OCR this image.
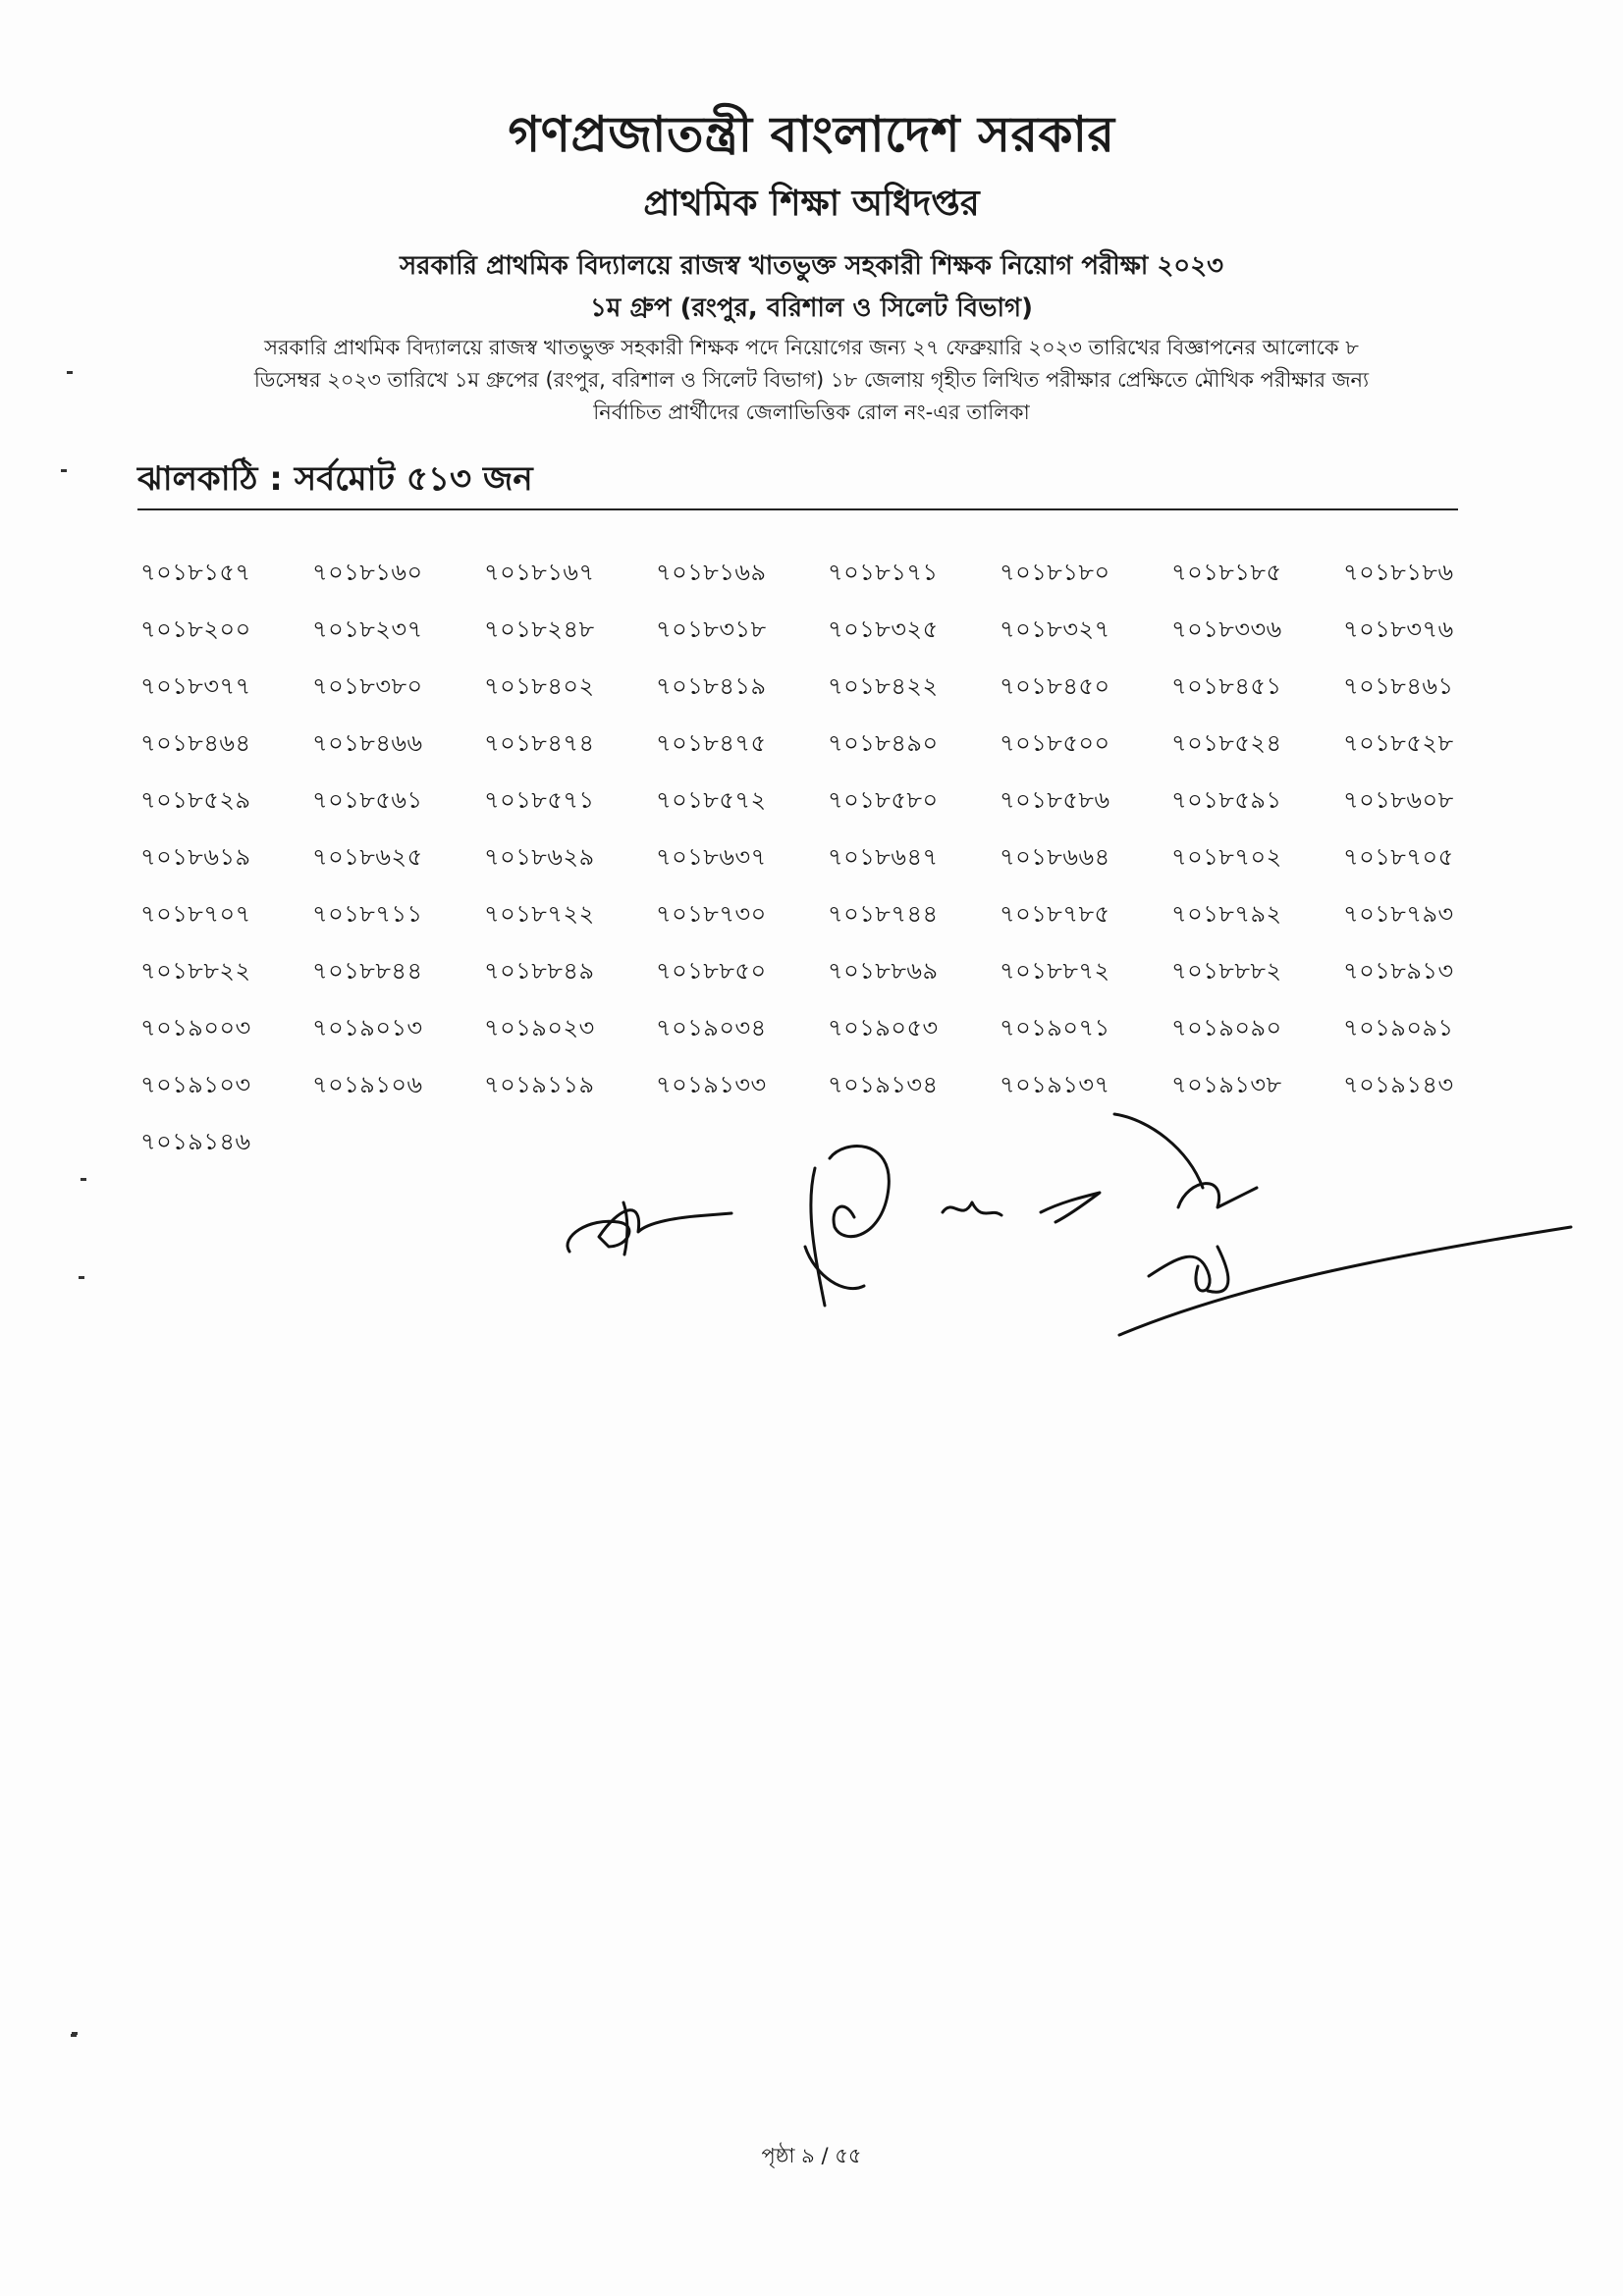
গণপ্রজাতন্ত্রী বাংলাদেশ সরকার
প্রাথমিক শিক্ষা অধিদপ্তর
সরকারি প্রাথমিক বিদ্যালয়ে রাজস্ব খাতভুক্ত সহকারী শিক্ষক নিয়োগ পরীক্ষা ২০২৩
১ম গ্রুপ (রংপুর, বরিশাল ও সিলেট বিভাগ)
সরকারি প্রাথমিক বিদ্যালয়ে রাজস্ব খাতভুক্ত সহকারী শিক্ষক পদে নিয়োগের জন্য ২৭ ফেব্রুয়ারি ২০২৩ তারিখের বিজ্ঞাপনের আলোকে ৮
ডিসেম্বর ২০২৩ তারিখে ১ম গ্রুপের (রংপুর, বরিশাল ও সিলেট বিভাগ) ১৮ জেলায় গৃহীত লিখিত পরীক্ষার প্রেক্ষিতে মৌখিক পরীক্ষার জন্য
নির্বাচিত প্রার্থীদের জেলাভিত্তিক রোল নং-এর তালিকা
ঝালকাঠি : সর্বমোট ৫১৩ জন
৭০১৮১৫৭	৭০১৮১৬০	৭০১৮১৬৭	৭০১৮১৬৯	৭০১৮১৭১	৭০১৮১৮০	৭০১৮১৮৫	৭০১৮১৮৬
৭০১৮২০০	৭০১৮২৩৭	৭০১৮২৪৮	৭০১৮৩১৮	৭০১৮৩২৫	৭০১৮৩২৭	৭০১৮৩৩৬	৭০১৮৩৭৬
৭০১৮৩৭৭	৭০১৮৩৮০	৭০১৮৪০২	৭০১৮৪১৯	৭০১৮৪২২	৭০১৮৪৫০	৭০১৮৪৫১	৭০১৮৪৬১
৭০১৮৪৬৪	৭০১৮৪৬৬	৭০১৮৪৭৪	৭০১৮৪৭৫	৭০১৮৪৯০	৭০১৮৫০০	৭০১৮৫২৪	৭০১৮৫২৮
৭০১৮৫২৯	৭০১৮৫৬১	৭০১৮৫৭১	৭০১৮৫৭২	৭০১৮৫৮০	৭০১৮৫৮৬	৭০১৮৫৯১	৭০১৮৬০৮
৭০১৮৬১৯	৭০১৮৬২৫	৭০১৮৬২৯	৭০১৮৬৩৭	৭০১৮৬৪৭	৭০১৮৬৬৪	৭০১৮৭০২	৭০১৮৭০৫
৭০১৮৭০৭	৭০১৮৭১১	৭০১৮৭২২	৭০১৮৭৩০	৭০১৮৭৪৪	৭০১৮৭৮৫	৭০১৮৭৯২	৭০১৮৭৯৩
৭০১৮৮২২	৭০১৮৮৪৪	৭০১৮৮৪৯	৭০১৮৮৫০	৭০১৮৮৬৯	৭০১৮৮৭২	৭০১৮৮৮২	৭০১৮৯১৩
৭০১৯০০৩	৭০১৯০১৩	৭০১৯০২৩	৭০১৯০৩৪	৭০১৯০৫৩	৭০১৯০৭১	৭০১৯০৯০	৭০১৯০৯১
৭০১৯১০৩	৭০১৯১০৬	৭০১৯১১৯	৭০১৯১৩৩	৭০১৯১৩৪	৭০১৯১৩৭	৭০১৯১৩৮	৭০১৯১৪৩
৭০১৯১৪৬
পৃষ্ঠা ৯ / ৫৫
